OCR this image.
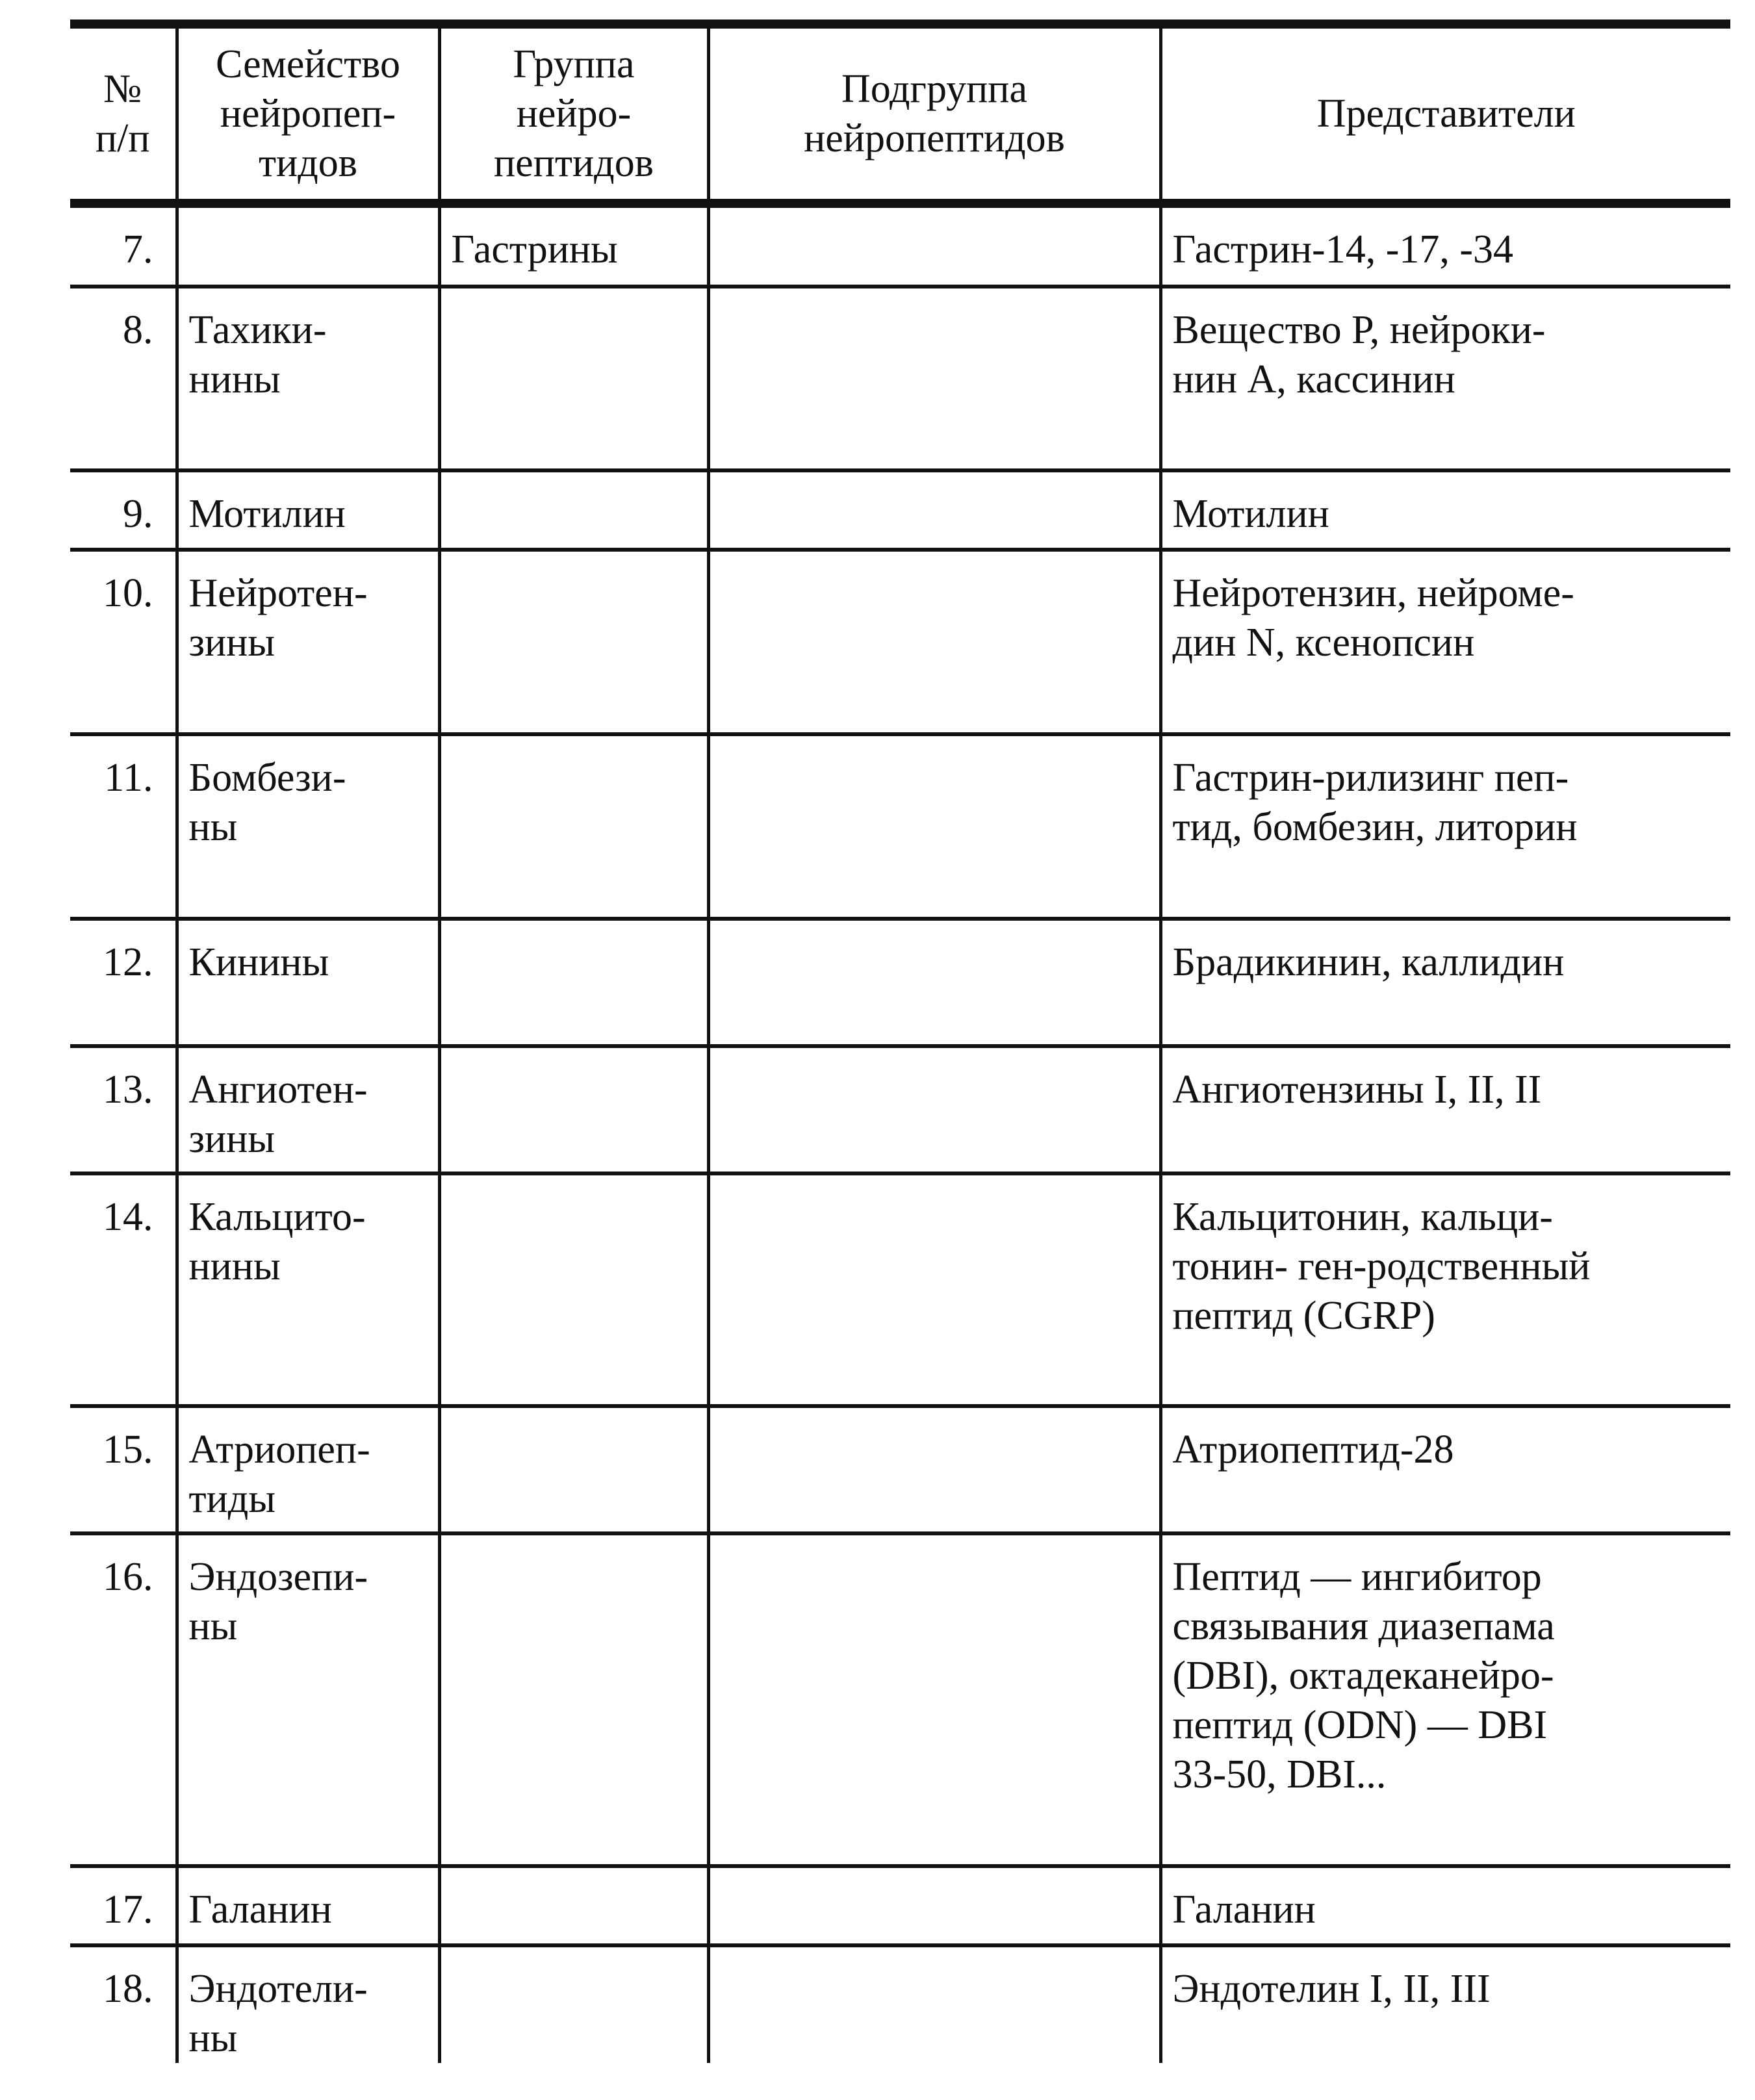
№
п/п	Семейство
нейропеп-
тидов	Группа
нейро-
пептидов	Подгруппа
нейропептидов	Представители
7.		Гастрины		Гастрин-14, -17, -34
8.	Тахики-
нины			Вещество P, нейроки-
нин A, кассинин
9.	Мотилин			Мотилин
10.	Нейротен-
зины			Нейротензин, нейроме-
дин N, ксенопсин
11.	Бомбези-
ны			Гастрин-рилизинг пеп-
тид, бомбезин, литорин
12.	Кинины			Брадикинин, каллидин
13.	Ангиотен-
зины			Ангиотензины I, II, II
14.	Кальцито-
нины			Кальцитонин, кальци-
тонин- ген-родственный
пептид (CGRP)
15.	Атриопеп-
тиды			Атриопептид-28
16.	Эндозепи-
ны			Пептид — ингибитор
связывания диазепама
(DBI), октадеканейро-
пептид (ODN) — DBI
33-50, DBI...
17.	Галанин			Галанин
18.	Эндотели-
ны			Эндотелин I, II, III
